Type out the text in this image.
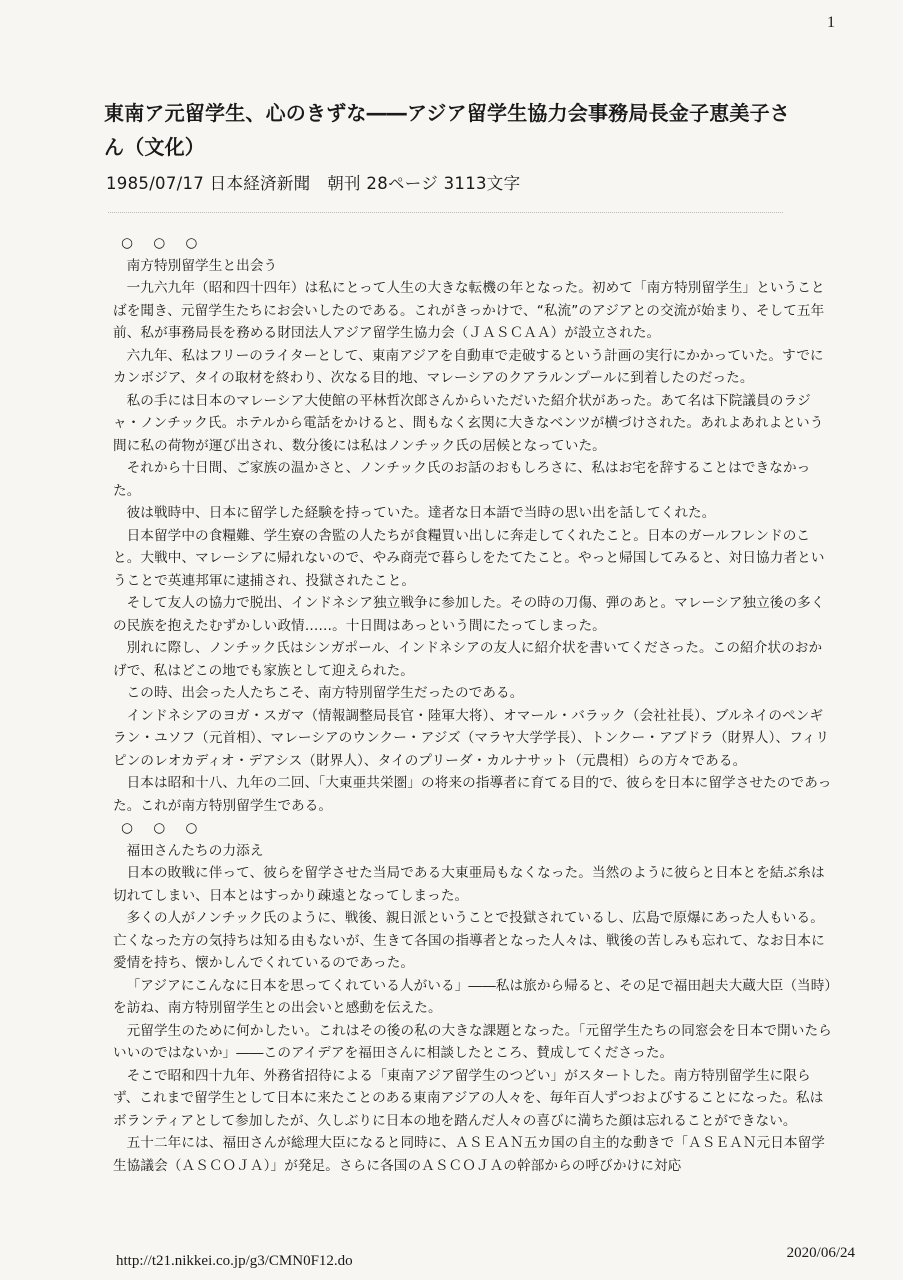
1
東南ア元留学生、心のきずな――アジア留学生協力会事務局長金子恵美子さん（文化）
1985/07/17 日本経済新聞　朝刊 28ページ 3113文字

○ ○ ○

南方特別留学生と出会う

一九六九年（昭和四十四年）は私にとって人生の大きな転機の年となった。初めて「南方特別留学生」ということばを聞き、元留学生たちにお会いしたのである。これがきっかけで、“私流”のアジアとの交流が始まり、そして五年前、私が事務局長を務める財団法人アジア留学生協力会（ＪＡＳＣＡＡ）が設立された。

六九年、私はフリーのライターとして、東南アジアを自動車で走破するという計画の実行にかかっていた。すでにカンボジア、タイの取材を終わり、次なる目的地、マレーシアのクアラルンプールに到着したのだった。

私の手には日本のマレーシア大使館の平林哲次郎さんからいただいた紹介状があった。あて名は下院議員のラジャ・ノンチック氏。ホテルから電話をかけると、間もなく玄関に大きなベンツが横づけされた。あれよあれよという間に私の荷物が運び出され、数分後には私はノンチック氏の居候となっていた。

それから十日間、ご家族の温かさと、ノンチック氏のお話のおもしろさに、私はお宅を辞することはできなかった。

彼は戦時中、日本に留学した経験を持っていた。達者な日本語で当時の思い出を話してくれた。

日本留学中の食糧難、学生寮の舎監の人たちが食糧買い出しに奔走してくれたこと。日本のガールフレンドのこと。大戦中、マレーシアに帰れないので、やみ商売で暮らしをたてたこと。やっと帰国してみると、対日協力者ということで英連邦軍に逮捕され、投獄されたこと。

そして友人の協力で脱出、インドネシア独立戦争に参加した。その時の刀傷、弾のあと。マレーシア独立後の多くの民族を抱えたむずかしい政情……。十日間はあっという間にたってしまった。

別れに際し、ノンチック氏はシンガポール、インドネシアの友人に紹介状を書いてくださった。この紹介状のおかげで、私はどこの地でも家族として迎えられた。

この時、出会った人たちこそ、南方特別留学生だったのである。

インドネシアのヨガ・スガマ（情報調整局長官・陸軍大将）、オマール・バラック（会社社長）、ブルネイのペンギラン・ユソフ（元首相）、マレーシアのウンクー・アジズ（マラヤ大学学長）、トンクー・アブドラ（財界人）、フィリピンのレオカディオ・デアシス（財界人）、タイのプリーダ・カルナサット（元農相）らの方々である。

日本は昭和十八、九年の二回、「大東亜共栄圏」の将来の指導者に育てる目的で、彼らを日本に留学させたのであった。これが南方特別留学生である。

○ ○ ○

福田さんたちの力添え

日本の敗戦に伴って、彼らを留学させた当局である大東亜局もなくなった。当然のように彼らと日本とを結ぶ糸は切れてしまい、日本とはすっかり疎遠となってしまった。

多くの人がノンチック氏のように、戦後、親日派ということで投獄されているし、広島で原爆にあった人もいる。亡くなった方の気持ちは知る由もないが、生きて各国の指導者となった人々は、戦後の苦しみも忘れて、なお日本に愛情を持ち、懐かしんでくれているのであった。

「アジアにこんなに日本を思ってくれている人がいる」――私は旅から帰ると、その足で福田赳夫大蔵大臣（当時）を訪ね、南方特別留学生との出会いと感動を伝えた。

元留学生のために何かしたい。これはその後の私の大きな課題となった。「元留学生たちの同窓会を日本で開いたらいいのではないか」――このアイデアを福田さんに相談したところ、賛成してくださった。

そこで昭和四十九年、外務省招待による「東南アジア留学生のつどい」がスタートした。南方特別留学生に限らず、これまで留学生として日本に来たことのある東南アジアの人々を、毎年百人ずつおよびすることになった。私はボランティアとして参加したが、久しぶりに日本の地を踏んだ人々の喜びに満ちた顔は忘れることができない。

五十二年には、福田さんが総理大臣になると同時に、ＡＳＥＡＮ五カ国の自主的な動きで「ＡＳＥＡＮ元日本留学生協議会（ＡＳＣＯＪＡ）」が発足。さらに各国のＡＳＣＯＪＡの幹部からの呼びかけに対応

http://t21.nikkei.co.jp/g3/CMN0F12.do	2020/06/24
